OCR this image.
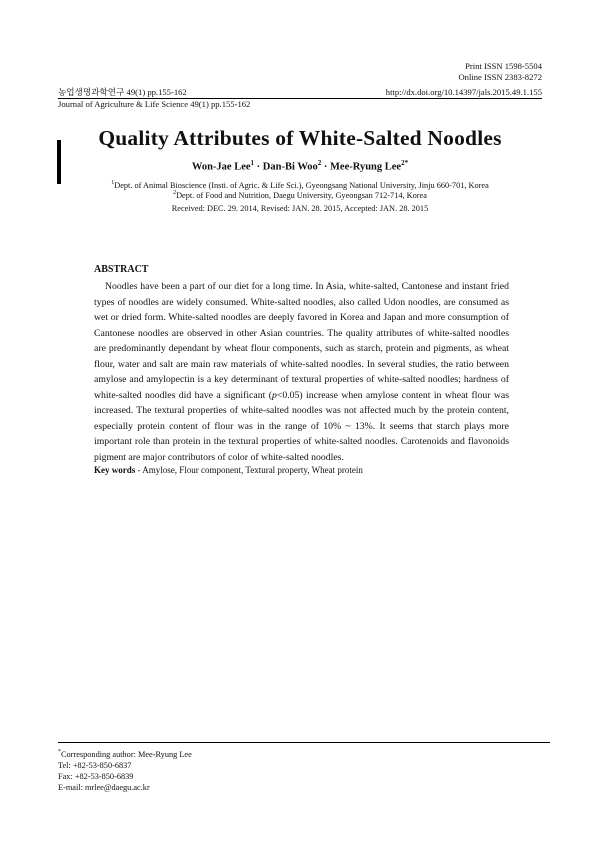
Print ISSN 1598-5504
Online ISSN 2383-8272
농업생명과학연구 49(1) pp.155-162	http://dx.doi.org/10.14397/jals.2015.49.1.155
Journal of Agriculture & Life Science 49(1) pp.155-162
Quality Attributes of White-Salted Noodles
Won-Jae Lee$^1$ · Dan-Bi Woo$^2$ · Mee-Ryung Lee$^{2*}$
$^1$Dept. of Animal Bioscience (Insti. of Agric. & Life Sci.), Gyeongsang National University, Jinju 660-701, Korea
$^2$Dept. of Food and Nutrition, Daegu University, Gyeongsan 712-714, Korea
Received: DEC. 29. 2014, Revised: JAN. 28. 2015, Accepted: JAN. 28. 2015
ABSTRACT
Noodles have been a part of our diet for a long time. In Asia, white-salted, Cantonese and instant fried types of noodles are widely consumed. White-salted noodles, also called Udon noodles, are consumed as wet or dried form. White-salted noodles are deeply favored in Korea and Japan and more consumption of Cantonese noodles are observed in other Asian countries. The quality attributes of white-salted noodles are predominantly dependant by wheat flour components, such as starch, protein and pigments, as wheat flour, water and salt are main raw materials of white-salted noodles. In several studies, the ratio between amylose and amylopectin is a key determinant of textural properties of white-salted noodles; hardness of white-salted noodles did have a significant (p<0.05) increase when amylose content in wheat flour was increased. The textural properties of white-salted noodles was not affected much by the protein content, especially protein content of flour was in the range of 10% ~ 13%. It seems that starch plays more important role than protein in the textural properties of white-salted noodles. Carotenoids and flavonoids pigment are major contributors of color of white-salted noodles.
Key words - Amylose, Flour component, Textural property, Wheat protein
*Corresponding author: Mee-Ryung Lee
Tel: +82-53-850-6837
Fax: +82-53-850-6839
E-mail: mrlee@daegu.ac.kr
